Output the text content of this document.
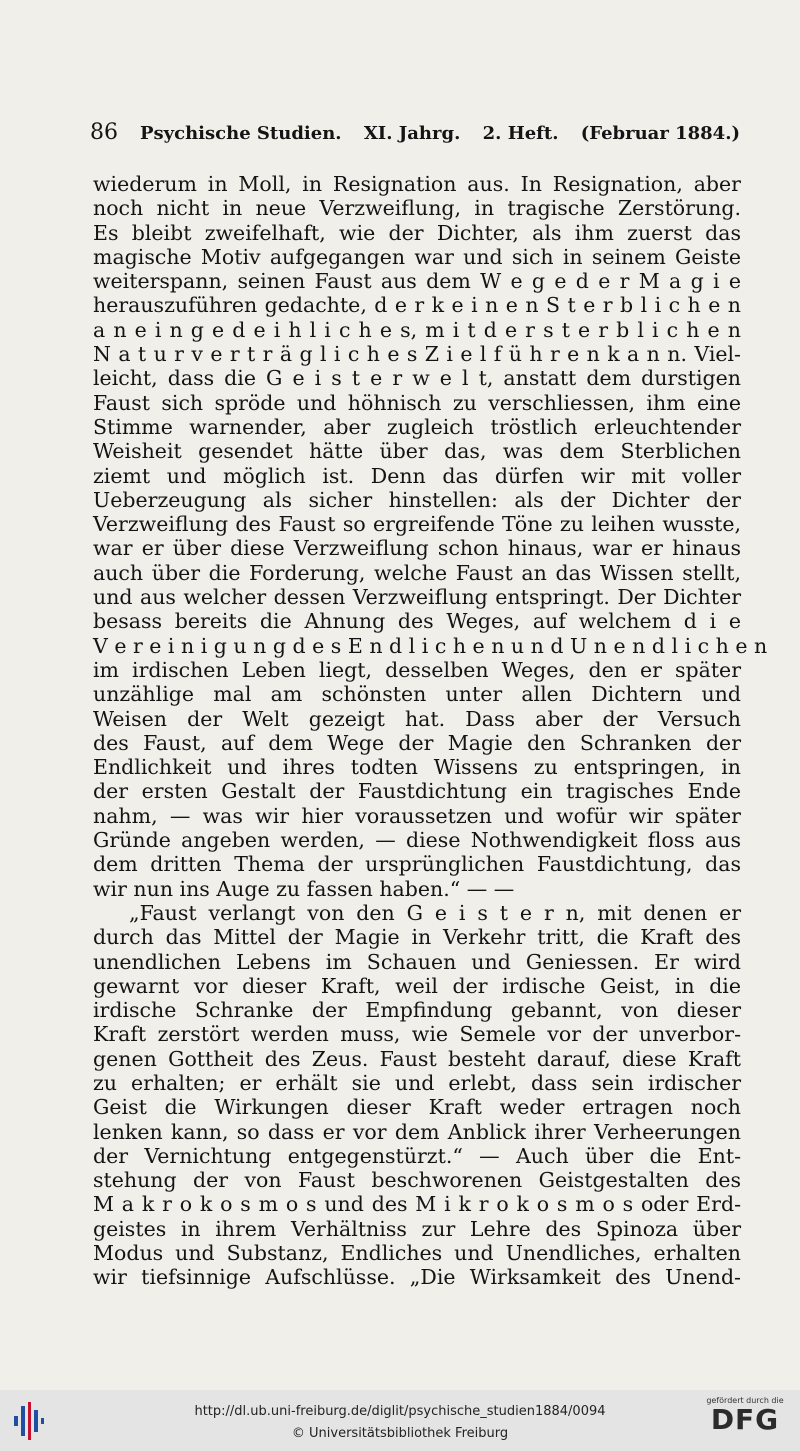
86 Psychische Studien. XI. Jahrg. 2. Heft. (Februar 1884.)
wiederum in Moll, in Resignation aus. In Resignation, aber
noch nicht in neue Verzweiflung, in tragische Zerstörung.
Es bleibt zweifelhaft, wie der Dichter, als ihm zuerst das
magische Motiv aufgegangen war und sich in seinem Geiste
weiterspann, seinen Faust aus dem W e g e d e r M a g i e
herauszuführen gedachte, d e r k e i n e n S t e r b l i c h e n
a n e i n g e d e i h l i c h e s, m i t d e r s t e r b l i c h e n
N a t u r v e r t r ä g l i c h e s Z i e l f ü h r e n k a n n. Viel-
leicht, dass die G e i s t e r w e l t, anstatt dem durstigen
Faust sich spröde und höhnisch zu verschliessen, ihm eine
Stimme warnender, aber zugleich tröstlich erleuchtender
Weisheit gesendet hätte über das, was dem Sterblichen
ziemt und möglich ist. Denn das dürfen wir mit voller
Ueberzeugung als sicher hinstellen: als der Dichter der
Verzweiflung des Faust so ergreifende Töne zu leihen wusste,
war er über diese Verzweiflung schon hinaus, war er hinaus
auch über die Forderung, welche Faust an das Wissen stellt,
und aus welcher dessen Verzweiflung entspringt. Der Dichter
besass bereits die Ahnung des Weges, auf welchem d i e
V e r e i n i g u n g d e s E n d l i c h e n u n d U n e n d l i c h e n
im irdischen Leben liegt, desselben Weges, den er später
unzählige mal am schönsten unter allen Dichtern und
Weisen der Welt gezeigt hat. Dass aber der Versuch
des Faust, auf dem Wege der Magie den Schranken der
Endlichkeit und ihres todten Wissens zu entspringen, in
der ersten Gestalt der Faustdichtung ein tragisches Ende
nahm, — was wir hier voraussetzen und wofür wir später
Gründe angeben werden, — diese Nothwendigkeit floss aus
dem dritten Thema der ursprünglichen Faustdichtung, das
wir nun ins Auge zu fassen haben.“ — —
„Faust verlangt von den G e i s t e r n, mit denen er
durch das Mittel der Magie in Verkehr tritt, die Kraft des
unendlichen Lebens im Schauen und Geniessen. Er wird
gewarnt vor dieser Kraft, weil der irdische Geist, in die
irdische Schranke der Empfindung gebannt, von dieser
Kraft zerstört werden muss, wie Semele vor der unverbor-
genen Gottheit des Zeus. Faust besteht darauf, diese Kraft
zu erhalten; er erhält sie und erlebt, dass sein irdischer
Geist die Wirkungen dieser Kraft weder ertragen noch
lenken kann, so dass er vor dem Anblick ihrer Verheerungen
der Vernichtung entgegenstürzt.“ — Auch über die Ent-
stehung der von Faust beschworenen Geistgestalten des
M a k r o k o s m o s und des M i k r o k o s m o s oder Erd-
geistes in ihrem Verhältniss zur Lehre des Spinoza über
Modus und Substanz, Endliches und Unendliches, erhalten
wir tiefsinnige Aufschlüsse. „Die Wirksamkeit des Unend-
http://dl.ub.uni-freiburg.de/diglit/psychische_studien1884/0094
© Universitätsbibliothek Freiburg
gefördert durch die
DFG
